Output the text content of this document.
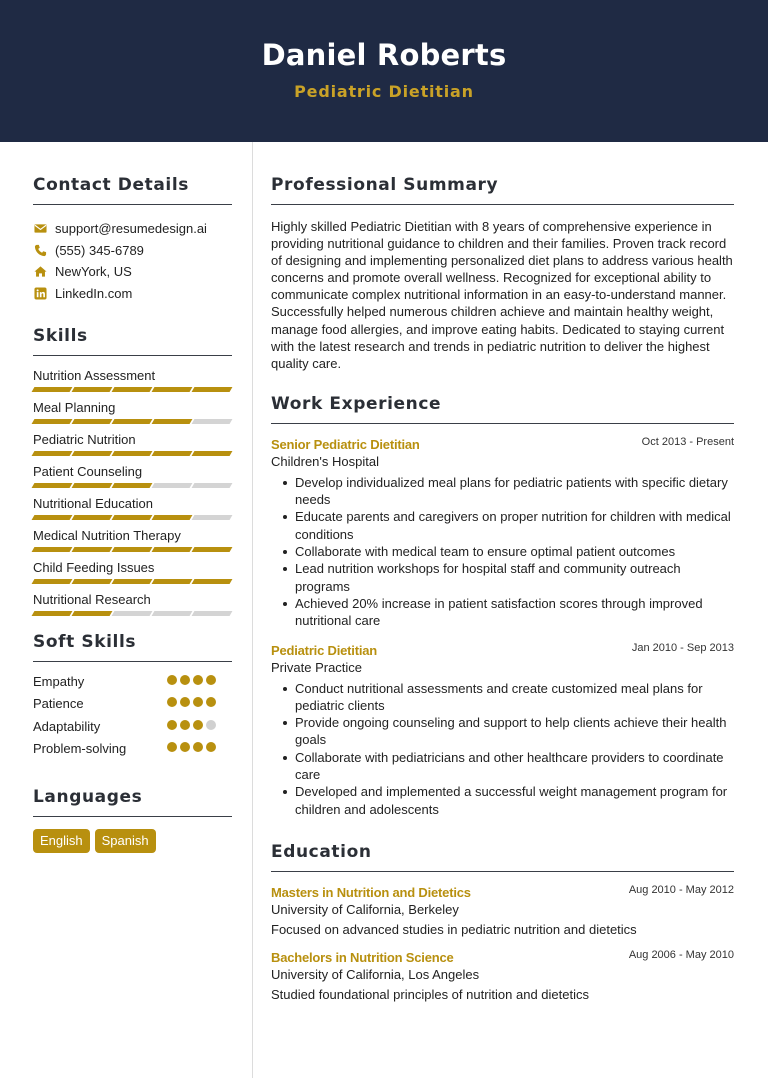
Daniel Roberts
Pediatric Dietitian
Contact Details
support@resumedesign.ai
(555) 345-6789
NewYork, US
LinkedIn.com
Skills
Nutrition Assessment
Meal Planning
Pediatric Nutrition
Patient Counseling
Nutritional Education
Medical Nutrition Therapy
Child Feeding Issues
Nutritional Research
Soft Skills
Empathy
Patience
Adaptability
Problem-solving
Languages
English	Spanish
Professional Summary
Highly skilled Pediatric Dietitian with 8 years of comprehensive experience in providing nutritional guidance to children and their families. Proven track record of designing and implementing personalized diet plans to address various health concerns and promote overall wellness. Recognized for exceptional ability to communicate complex nutritional information in an easy-to-understand manner. Successfully helped numerous children achieve and maintain healthy weight, manage food allergies, and improve eating habits. Dedicated to staying current with the latest research and trends in pediatric nutrition to deliver the highest quality care.
Work Experience
Senior Pediatric Dietitian	Oct 2013 - Present
Children's Hospital
Develop individualized meal plans for pediatric patients with specific dietary needs
Educate parents and caregivers on proper nutrition for children with medical conditions
Collaborate with medical team to ensure optimal patient outcomes
Lead nutrition workshops for hospital staff and community outreach programs
Achieved 20% increase in patient satisfaction scores through improved nutritional care
Pediatric Dietitian	Jan 2010 - Sep 2013
Private Practice
Conduct nutritional assessments and create customized meal plans for pediatric clients
Provide ongoing counseling and support to help clients achieve their health goals
Collaborate with pediatricians and other healthcare providers to coordinate care
Developed and implemented a successful weight management program for children and adolescents
Education
Masters in Nutrition and Dietetics	Aug 2010 - May 2012
University of California, Berkeley
Focused on advanced studies in pediatric nutrition and dietetics
Bachelors in Nutrition Science	Aug 2006 - May 2010
University of California, Los Angeles
Studied foundational principles of nutrition and dietetics
